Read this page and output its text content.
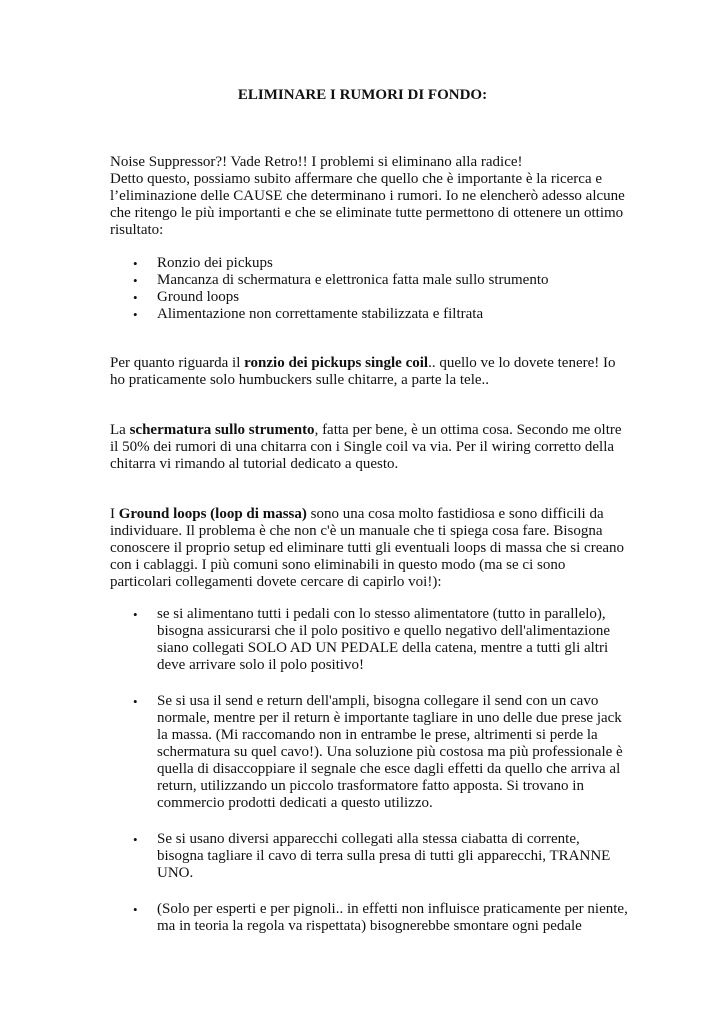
ELIMINARE I RUMORI DI FONDO:

Noise Suppressor?! Vade Retro!! I problemi si eliminano alla radice!
Detto questo, possiamo subito affermare che quello che è importante è la ricerca e l’eliminazione delle CAUSE che determinano i rumori. Io ne elencherò adesso alcune che ritengo le più importanti e che se eliminate tutte permettono di ottenere un ottimo risultato:

• Ronzio dei pickups
• Mancanza di schermatura e elettronica fatta male sullo strumento
• Ground loops
• Alimentazione non correttamente stabilizzata e filtrata

Per quanto riguarda il ronzio dei pickups single coil.. quello ve lo dovete tenere! Io ho praticamente solo humbuckers sulle chitarre, a parte la tele..

La schermatura sullo strumento, fatta per bene, è un ottima cosa. Secondo me oltre il 50% dei rumori di una chitarra con i Single coil va via. Per il wiring corretto della chitarra vi rimando al tutorial dedicato a questo.

I Ground loops (loop di massa) sono una cosa molto fastidiosa e sono difficili da individuare. Il problema è che non c'è un manuale che ti spiega cosa fare. Bisogna conoscere il proprio setup ed eliminare tutti gli eventuali loops di massa che si creano con i cablaggi. I più comuni sono eliminabili in questo modo (ma se ci sono particolari collegamenti dovete cercare di capirlo voi!):

• se si alimentano tutti i pedali con lo stesso alimentatore (tutto in parallelo), bisogna assicurarsi che il polo positivo e quello negativo dell'alimentazione siano collegati SOLO AD UN PEDALE della catena, mentre a tutti gli altri deve arrivare solo il polo positivo!
• Se si usa il send e return dell'ampli, bisogna collegare il send con un cavo normale, mentre per il return è importante tagliare in uno delle due prese jack la massa. (Mi raccomando non in entrambe le prese, altrimenti si perde la schermatura su quel cavo!). Una soluzione più costosa ma più professionale è quella di disaccoppiare il segnale che esce dagli effetti da quello che arriva al return, utilizzando un piccolo trasformatore fatto apposta. Si trovano in commercio prodotti dedicati a questo utilizzo.
• Se si usano diversi apparecchi collegati alla stessa ciabatta di corrente, bisogna tagliare il cavo di terra sulla presa di tutti gli apparecchi, TRANNE UNO.
• (Solo per esperti e per pignoli.. in effetti non influisce praticamente per niente, ma in teoria la regola va rispettata) bisognerebbe smontare ogni pedale
